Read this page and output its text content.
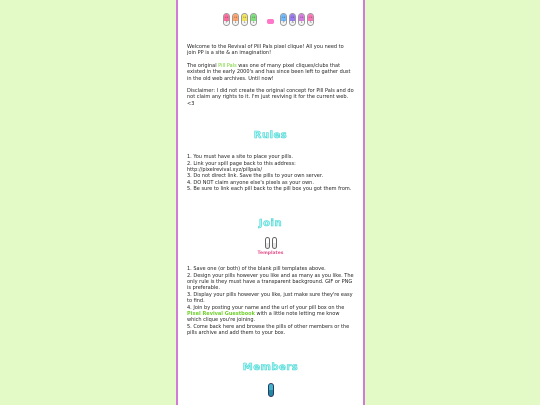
••
P
••
I
••
L
••
L
••
P
••
A
••
L
••
S

Welcome to the Revival of Pill Pals pixel clique! All you need to join PP is a site & an imagination!

The original Pill Pals was one of many pixel cliques/clubs that existed in the early 2000's and has since been left to gather dust in the old web archives. Until now!

Disclaimer: I did not create the original concept for Pill Pals and do not claim any rights to it. I'm just reviving it for the current web. <3

Rules
1. You must have a site to place your pills.
2. Link your spill page back to this address:
http://pixelrevival.xyz/pillpals/
3. Do not direct link. Save the pills to your own server.
4. DO NOT claim anyone else's pixels as your own.
5. Be sure to link each pill back to the pill box you got them from.
Join
Templates
1. Save one (or both) of the blank pill templates above.
2. Design your pills however you like and as many as you like. The only rule is they must have a transparent background. GIF or PNG is preferable.
3. Display your pills however you like, just make sure they're easy to find.
4. Join by posting your name and the url of your pill box on the Pixel Revival Guestbook with a little note letting me know which clique you're joining.
5. Come back here and browse the pills of other members or the pills archive and add them to your box.
Members
